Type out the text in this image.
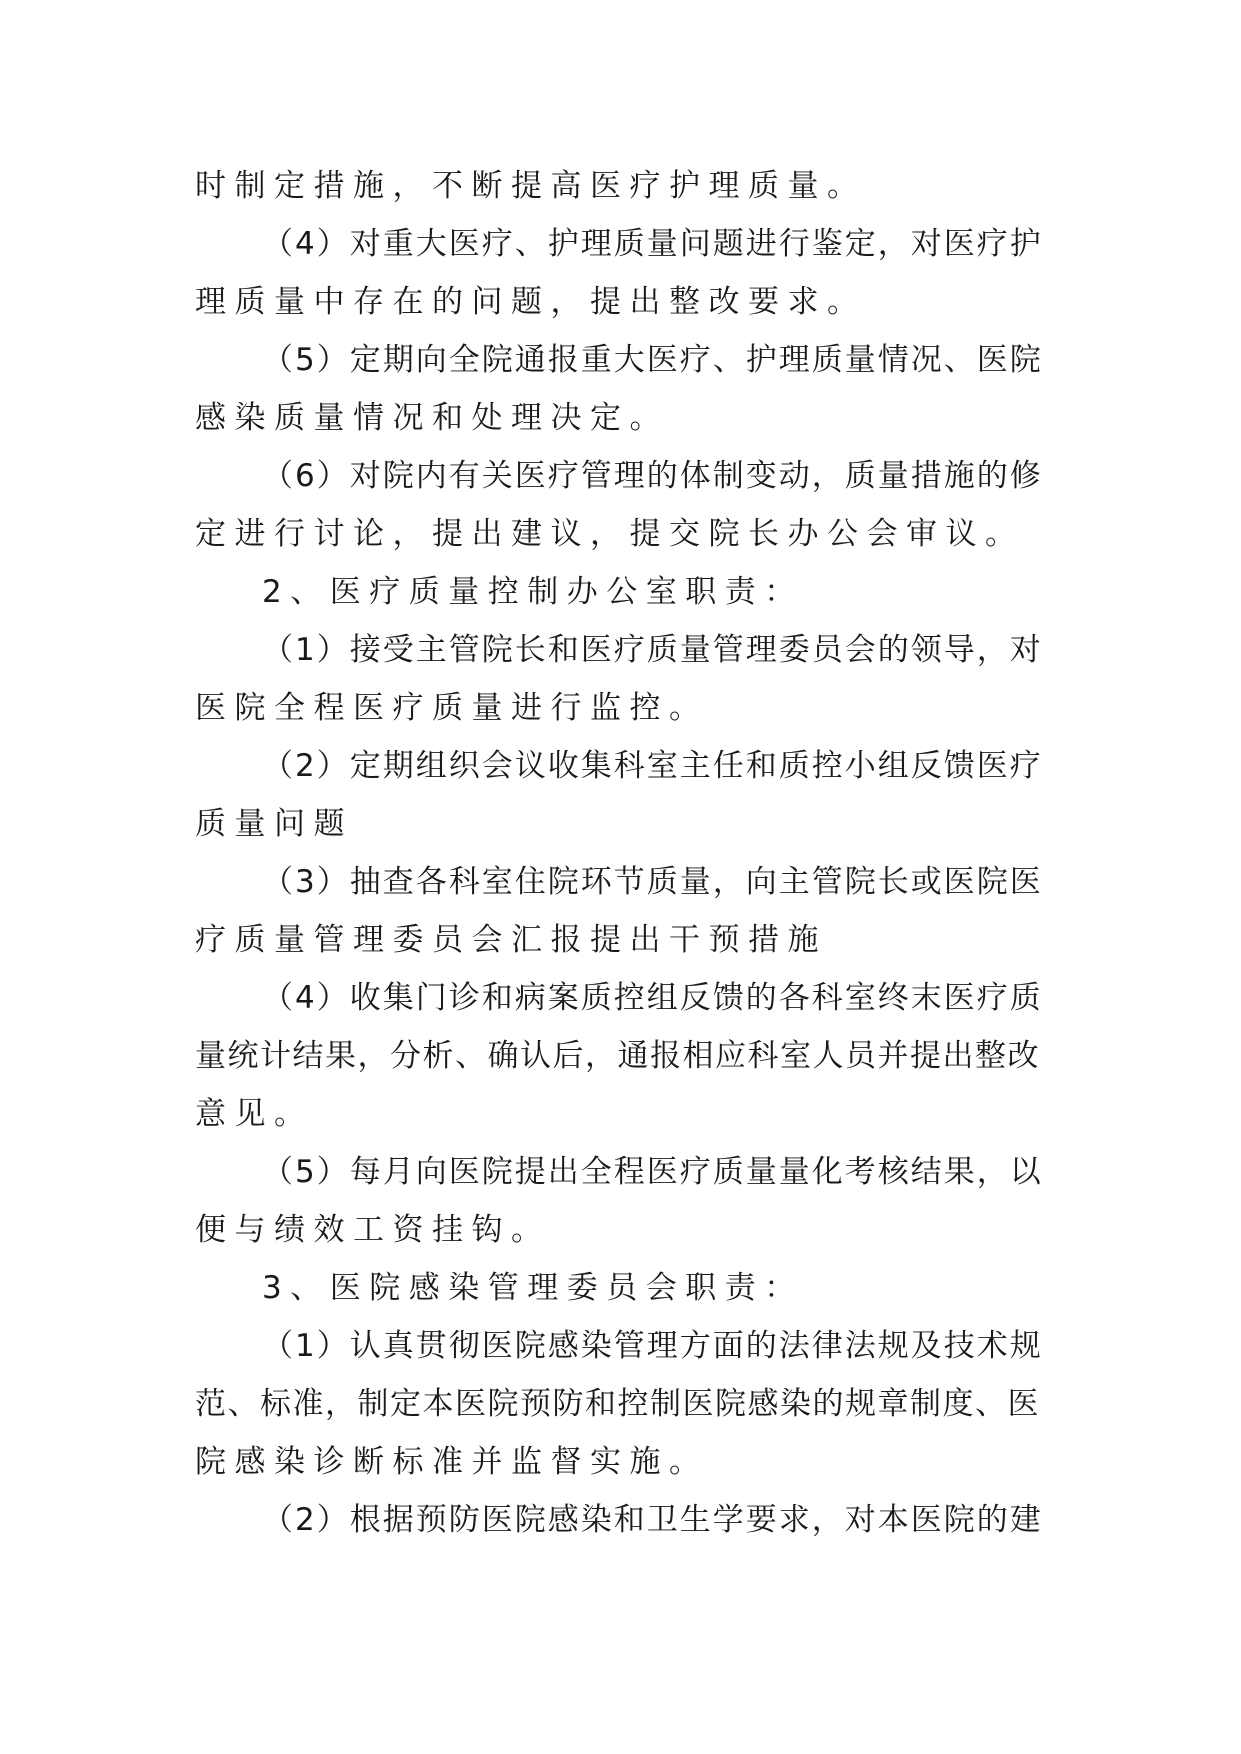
时制定措施，不断提高医疗护理质量。
（4）对重大医疗、护理质量问题进行鉴定，对医疗护
理质量中存在的问题，提出整改要求。
（5）定期向全院通报重大医疗、护理质量情况、医院
感染质量情况和处理决定。
（6）对院内有关医疗管理的体制变动，质量措施的修
定进行讨论，提出建议，提交院长办公会审议。
2、医疗质量控制办公室职责：
（1）接受主管院长和医疗质量管理委员会的领导，对
医院全程医疗质量进行监控。
（2）定期组织会议收集科室主任和质控小组反馈医疗
质量问题
（3）抽查各科室住院环节质量，向主管院长或医院医
疗质量管理委员会汇报提出干预措施
（4）收集门诊和病案质控组反馈的各科室终末医疗质
量统计结果，分析、确认后，通报相应科室人员并提出整改
意见。
（5）每月向医院提出全程医疗质量量化考核结果，以
便与绩效工资挂钩。
3、医院感染管理委员会职责：
（1）认真贯彻医院感染管理方面的法律法规及技术规
范、标准，制定本医院预防和控制医院感染的规章制度、医
院感染诊断标准并监督实施。
（2）根据预防医院感染和卫生学要求，对本医院的建
